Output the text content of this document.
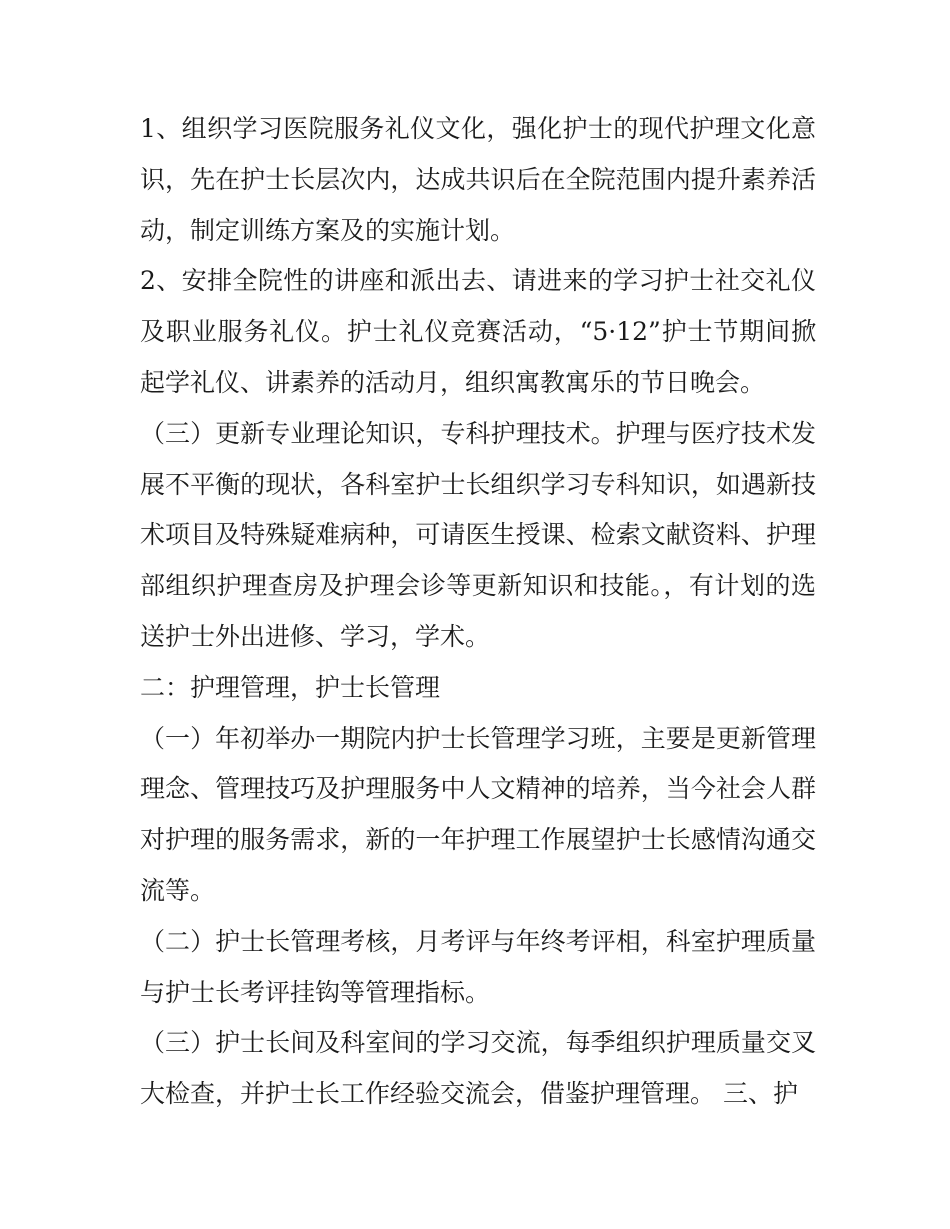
1、组织学习医院服务礼仪文化，强化护士的现代护理文化意识，先在护士长层次内，达成共识后在全院范围内提升素养活动，制定训练方案及的实施计划。

2、安排全院性的讲座和派出去、请进来的学习护士社交礼仪及职业服务礼仪。护士礼仪竞赛活动，“5·12”护士节期间掀起学礼仪、讲素养的活动月，组织寓教寓乐的节日晚会。

（三）更新专业理论知识，专科护理技术。护理与医疗技术发展不平衡的现状，各科室护士长组织学习专科知识，如遇新技术项目及特殊疑难病种，可请医生授课、检索文献资料、护理部组织护理查房及护理会诊等更新知识和技能。，有计划的选送护士外出进修、学习，学术。

二：护理管理，护士长管理

（一）年初举办一期院内护士长管理学习班，主要是更新管理理念、管理技巧及护理服务中人文精神的培养，当今社会人群对护理的服务需求，新的一年护理工作展望护士长感情沟通交流等。

（二）护士长管理考核，月考评与年终考评相，科室护理质量与护士长考评挂钩等管理指标。

（三）护士长间及科室间的学习交流，每季组织护理质量交叉大检查，并护士长工作经验交流会，借鉴护理管理。 三、护
